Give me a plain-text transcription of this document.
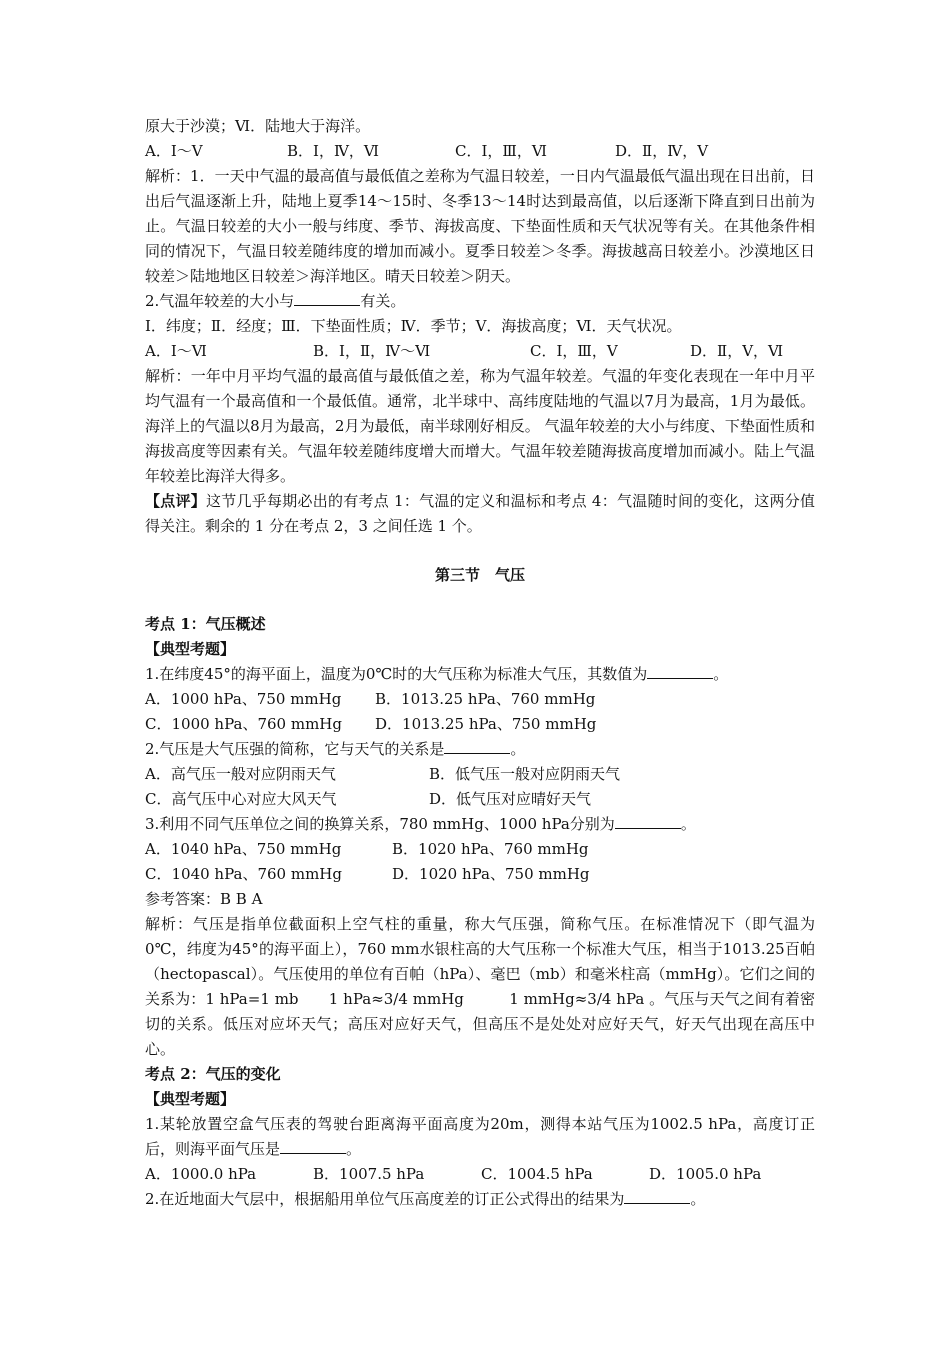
原大于沙漠；Ⅵ．陆地大于海洋。
A．Ⅰ～Ⅴ	B．Ⅰ，Ⅳ，Ⅵ	C．Ⅰ，Ⅲ，Ⅵ	D．Ⅱ，Ⅳ，Ⅴ
解析：1．一天中气温的最高值与最低值之差称为气温日较差，一日内气温最低气温出现在日出前，日出后气温逐渐上升，陆地上夏季14～15时、冬季13～14时达到最高值，以后逐渐下降直到日出前为止。气温日较差的大小一般与纬度、季节、海拔高度、下垫面性质和天气状况等有关。在其他条件相同的情况下，气温日较差随纬度的增加而减小。夏季日较差＞冬季。海拔越高日较差小。沙漠地区日较差＞陆地地区日较差＞海洋地区。晴天日较差＞阴天。
2.气温年较差的大小与	有关。
Ⅰ．纬度；Ⅱ．经度；Ⅲ．下垫面性质；Ⅳ．季节；Ⅴ．海拔高度；Ⅵ．天气状况。
A．Ⅰ～Ⅵ	B．Ⅰ，Ⅱ，Ⅳ～Ⅵ	C．Ⅰ，Ⅲ，Ⅴ	D．Ⅱ，Ⅴ，Ⅵ
解析：一年中月平均气温的最高值与最低值之差，称为气温年较差。气温的年变化表现在一年中月平均气温有一个最高值和一个最低值。通常，北半球中、高纬度陆地的气温以7月为最高，1月为最低。海洋上的气温以8月为最高，2月为最低，南半球刚好相反。 气温年较差的大小与纬度、下垫面性质和海拔高度等因素有关。气温年较差随纬度增大而增大。气温年较差随海拔高度增加而减小。陆上气温年较差比海洋大得多。
【点评】这节几乎每期必出的有考点 1：气温的定义和温标和考点 4：气温随时间的变化，这两分值得关注。剩余的 1 分在考点 2，3 之间任选 1 个。
第三节　气压
考点 1：气压概述
【典型考题】
1.在纬度45°的海平面上，温度为0℃时的大气压称为标准大气压，其数值为	。
A．1000 hPa、750 mmHg B．1013.25 hPa、760 mmHg
C．1000 hPa、760 mmHg D．1013.25 hPa、750 mmHg
2.气压是大气压强的简称，它与天气的关系是	。
A．高气压一般对应阴雨天气	B．低气压一般对应阴雨天气
C．高气压中心对应大风天气	D．低气压对应晴好天气
3.利用不同气压单位之间的换算关系，780 mmHg、1000 hPa分别为	。
A．1040 hPa、750 mmHg	B．1020 hPa、760 mmHg
C．1040 hPa、760 mmHg	D．1020 hPa、750 mmHg
参考答案：B B A
解析：气压是指单位截面积上空气柱的重量，称大气压强，简称气压。在标准情况下（即气温为0℃，纬度为45°的海平面上），760 mm水银柱高的大气压称一个标准大气压，相当于1013.25百帕（hectopascal）。气压使用的单位有百帕（hPa）、毫巴（mb）和毫米柱高（mmHg）。它们之间的关系为：1 hPa=1 mb　　1 hPa≈3/4 mmHg　　　1 mmHg≈3/4 hPa 。气压与天气之间有着密切的关系。低压对应坏天气；高压对应好天气，但高压不是处处对应好天气，好天气出现在高压中心。
考点 2：气压的变化
【典型考题】
1.某轮放置空盒气压表的驾驶台距离海平面高度为20m，测得本站气压为1002.5 hPa，高度订正后，则海平面气压是	。
A．1000.0 hPa	B．1007.5 hPa	C．1004.5 hPa	D．1005.0 hPa
2.在近地面大气层中，根据船用单位气压高度差的订正公式得出的结果为	。
